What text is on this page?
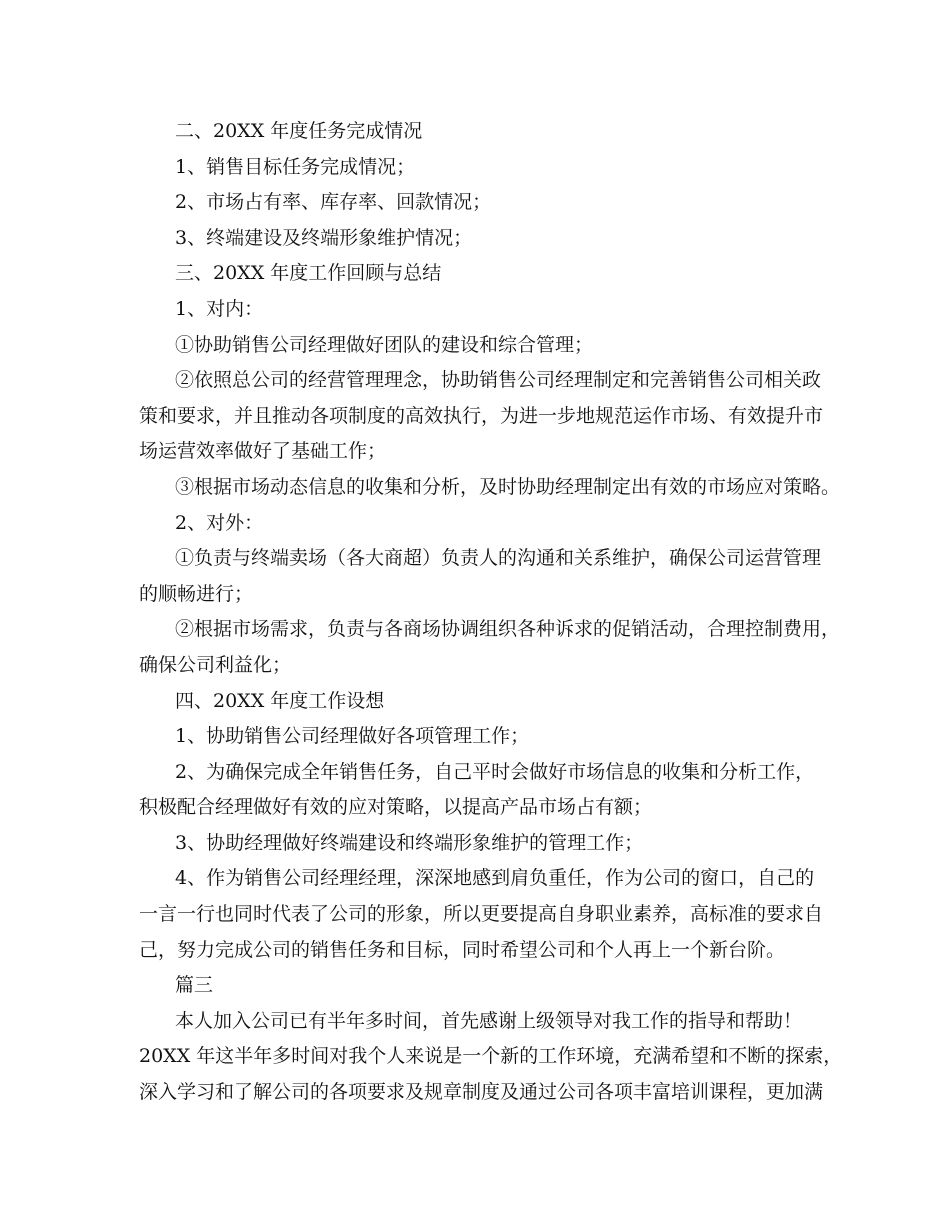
二、20XX 年度任务完成情况
1、销售目标任务完成情况；
2、市场占有率、库存率、回款情况；
3、终端建设及终端形象维护情况；
三、20XX 年度工作回顾与总结
1、对内：
①协助销售公司经理做好团队的建设和综合管理；
②依照总公司的经营管理理念，协助销售公司经理制定和完善销售公司相关政
策和要求，并且推动各项制度的高效执行，为进一步地规范运作市场、有效提升市
场运营效率做好了基础工作；
③根据市场动态信息的收集和分析，及时协助经理制定出有效的市场应对策略。
2、对外：
①负责与终端卖场（各大商超）负责人的沟通和关系维护，确保公司运营管理
的顺畅进行；
②根据市场需求，负责与各商场协调组织各种诉求的促销活动，合理控制费用，
确保公司利益化；
四、20XX 年度工作设想
1、协助销售公司经理做好各项管理工作；
2、为确保完成全年销售任务，自己平时会做好市场信息的收集和分析工作，
积极配合经理做好有效的应对策略，以提高产品市场占有额；
3、协助经理做好终端建设和终端形象维护的管理工作；
4、作为销售公司经理经理，深深地感到肩负重任，作为公司的窗口，自己的
一言一行也同时代表了公司的形象，所以更要提高自身职业素养，高标准的要求自
己，努力完成公司的销售任务和目标，同时希望公司和个人再上一个新台阶。
篇三
本人加入公司已有半年多时间，首先感谢上级领导对我工作的指导和帮助！
20XX 年这半年多时间对我个人来说是一个新的工作环境，充满希望和不断的探索，
深入学习和了解公司的各项要求及规章制度及通过公司各项丰富培训课程，更加满
